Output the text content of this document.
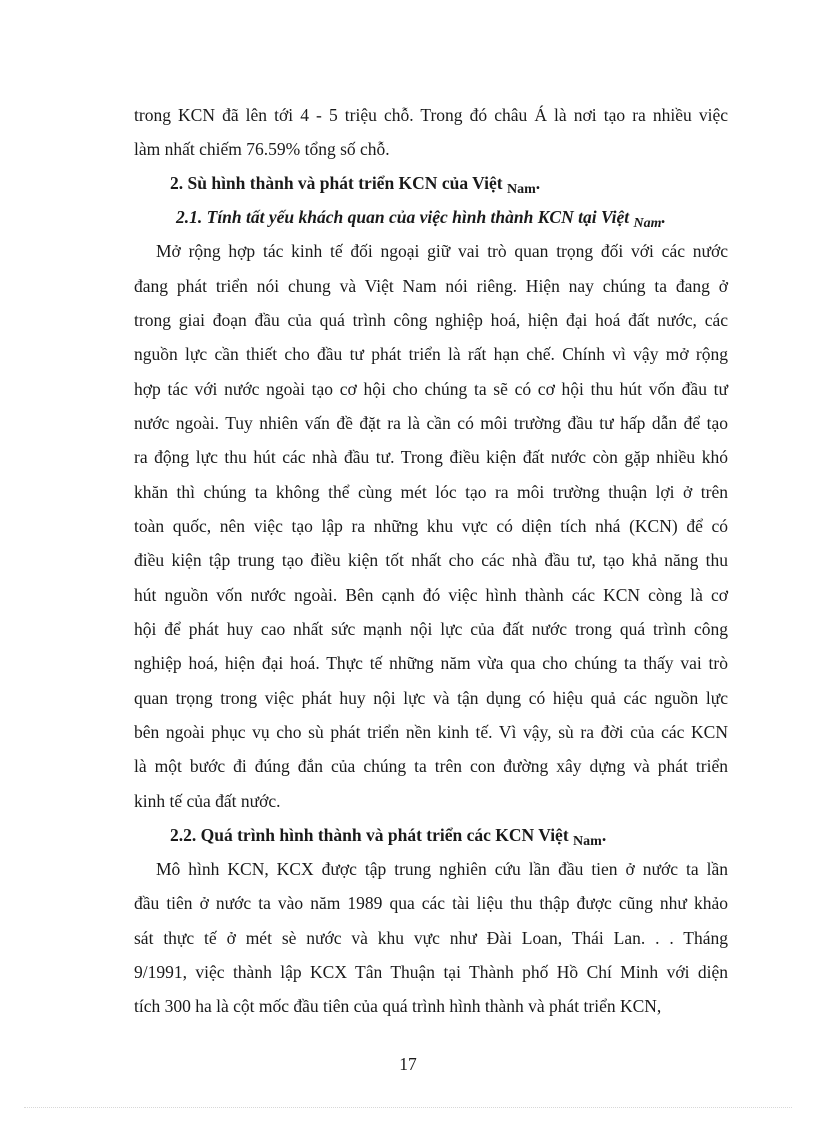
trong KCN đã lên tới 4 - 5 triệu chỗ. Trong đó châu Á là nơi tạo ra nhiều việc
làm nhất chiếm 76.59% tổng số chỗ.
2. Sù hình thành và phát triển KCN của Việt $_{Nam}$.
2.1. Tính tất yếu khách quan của việc hình thành KCN tại Việt $_{Nam}$.
Mở rộng hợp tác kinh tế đối ngoại giữ vai trò quan trọng đối với các nước
đang phát triển nói chung và Việt Nam nói riêng. Hiện nay chúng ta đang ở
trong giai đoạn đầu của quá trình công nghiệp hoá, hiện đại hoá đất nước, các
nguồn lực cần thiết cho đầu tư phát triển là rất hạn chế. Chính vì vậy mở rộng
hợp tác với nước ngoài tạo cơ hội cho chúng ta sẽ có cơ hội thu hút vốn đầu tư
nước ngoài. Tuy nhiên vấn đề đặt ra là cần có môi trường đầu tư hấp dẫn để tạo
ra động lực thu hút các nhà đầu tư. Trong điều kiện đất nước còn gặp nhiều khó
khăn thì chúng ta không thể cùng mét lóc tạo ra môi trường thuận lợi ở trên
toàn quốc, nên việc tạo lập ra những khu vực có diện tích nhá (KCN) để có
điều kiện tập trung tạo điều kiện tốt nhất cho các nhà đầu tư, tạo khả năng thu
hút nguồn vốn nước ngoài. Bên cạnh đó việc hình thành các KCN còng là cơ
hội để phát huy cao nhất sức mạnh nội lực của đất nước trong quá trình công
nghiệp hoá, hiện đại hoá. Thực tế những năm vừa qua cho chúng ta thấy vai trò
quan trọng trong việc phát huy nội lực và tận dụng có hiệu quả các nguồn lực
bên ngoài phục vụ cho sù phát triển nền kinh tế. Vì vậy, sù ra đời của các KCN
là một bước đi đúng đắn của chúng ta trên con đường xây dựng và phát triển
kinh tế của đất nước.
2.2. Quá trình hình thành và phát triển các KCN Việt $_{Nam}$.
Mô hình KCN, KCX được tập trung nghiên cứu lần đầu tien ở nước ta lần
đầu tiên ở nước ta vào năm 1989 qua các tài liệu thu thập được cũng như khảo
sát thực tế ở mét sè nước và khu vực như Đài Loan, Thái Lan. . . Tháng
9/1991, việc thành lập KCX Tân Thuận tại Thành phố Hồ Chí Minh với diện
tích 300 ha là cột mốc đầu tiên của quá trình hình thành và phát triển KCN,
17
